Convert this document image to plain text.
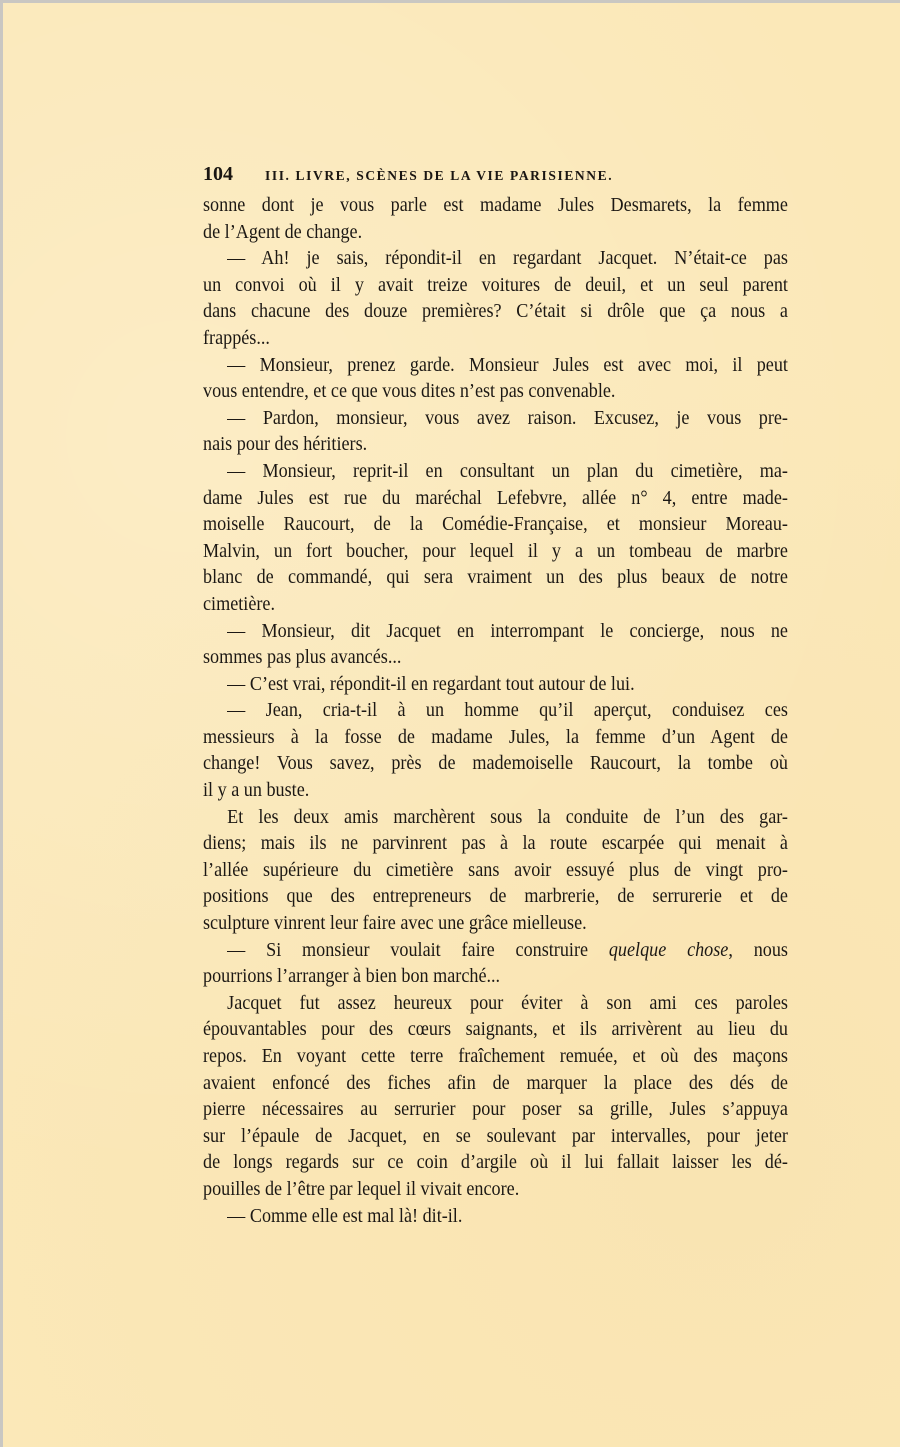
104 III. LIVRE, SCÈNES DE LA VIE PARISIENNE.
sonne dont je vous parle est madame Jules Desmarets, la femme
de l’Agent de change.
— Ah! je sais, répondit-il en regardant Jacquet. N’était-ce pas
un convoi où il y avait treize voitures de deuil, et un seul parent
dans chacune des douze premières? C’était si drôle que ça nous a
frappés...
— Monsieur, prenez garde. Monsieur Jules est avec moi, il peut
vous entendre, et ce que vous dites n’est pas convenable.
— Pardon, monsieur, vous avez raison. Excusez, je vous pre-
nais pour des héritiers.
— Monsieur, reprit-il en consultant un plan du cimetière, ma-
dame Jules est rue du maréchal Lefebvre, allée n° 4, entre made-
moiselle Raucourt, de la Comédie-Française, et monsieur Moreau-
Malvin, un fort boucher, pour lequel il y a un tombeau de marbre
blanc de commandé, qui sera vraiment un des plus beaux de notre
cimetière.
— Monsieur, dit Jacquet en interrompant le concierge, nous ne
sommes pas plus avancés...
— C’est vrai, répondit-il en regardant tout autour de lui.
— Jean, cria-t-il à un homme qu’il aperçut, conduisez ces
messieurs à la fosse de madame Jules, la femme d’un Agent de
change! Vous savez, près de mademoiselle Raucourt, la tombe où
il y a un buste.
Et les deux amis marchèrent sous la conduite de l’un des gar-
diens; mais ils ne parvinrent pas à la route escarpée qui menait à
l’allée supérieure du cimetière sans avoir essuyé plus de vingt pro-
positions que des entrepreneurs de marbrerie, de serrurerie et de
sculpture vinrent leur faire avec une grâce mielleuse.
— Si monsieur voulait faire construire quelque chose, nous
pourrions l’arranger à bien bon marché...
Jacquet fut assez heureux pour éviter à son ami ces paroles
épouvantables pour des cœurs saignants, et ils arrivèrent au lieu du
repos. En voyant cette terre fraîchement remuée, et où des maçons
avaient enfoncé des fiches afin de marquer la place des dés de
pierre nécessaires au serrurier pour poser sa grille, Jules s’appuya
sur l’épaule de Jacquet, en se soulevant par intervalles, pour jeter
de longs regards sur ce coin d’argile où il lui fallait laisser les dé-
pouilles de l’être par lequel il vivait encore.
— Comme elle est mal là! dit-il.
